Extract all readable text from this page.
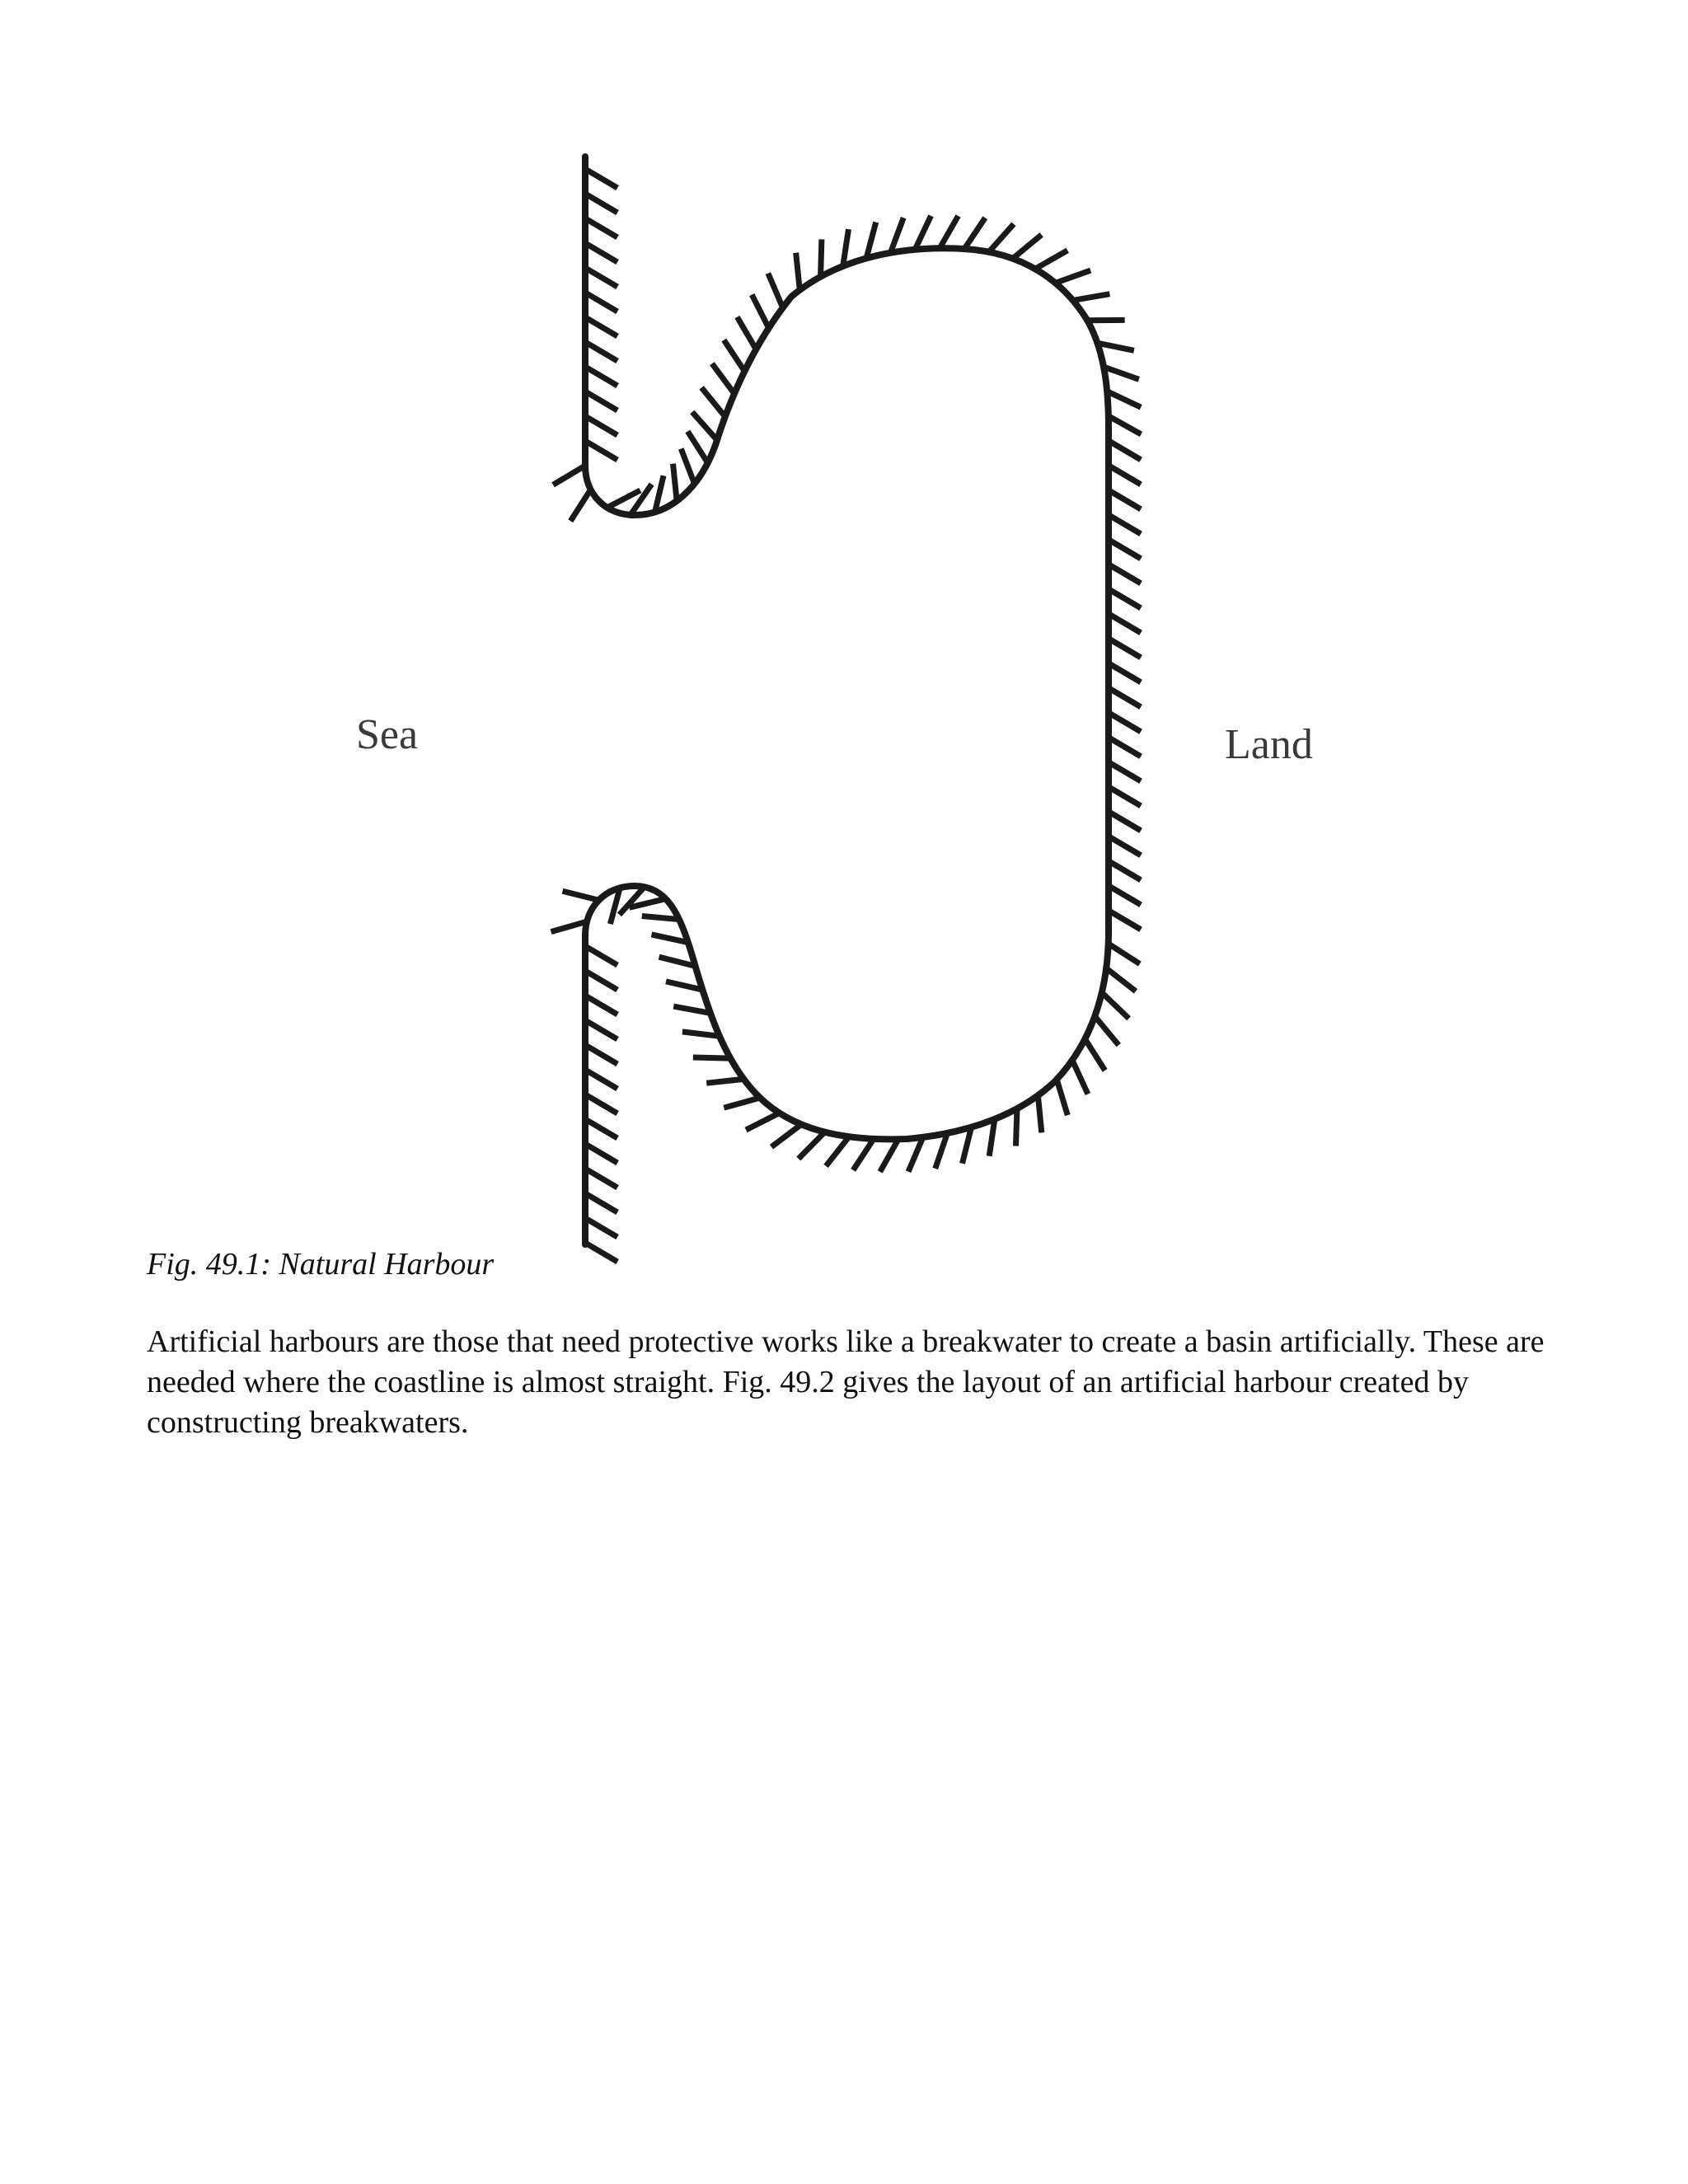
Sea	Land

Fig. 49.1: Natural Harbour

Artificial harbours are those that need protective works like a breakwater to create a basin artificially. These are needed where the coastline is almost straight. Fig. 49.2 gives the layout of an artificial harbour created by constructing breakwaters.
